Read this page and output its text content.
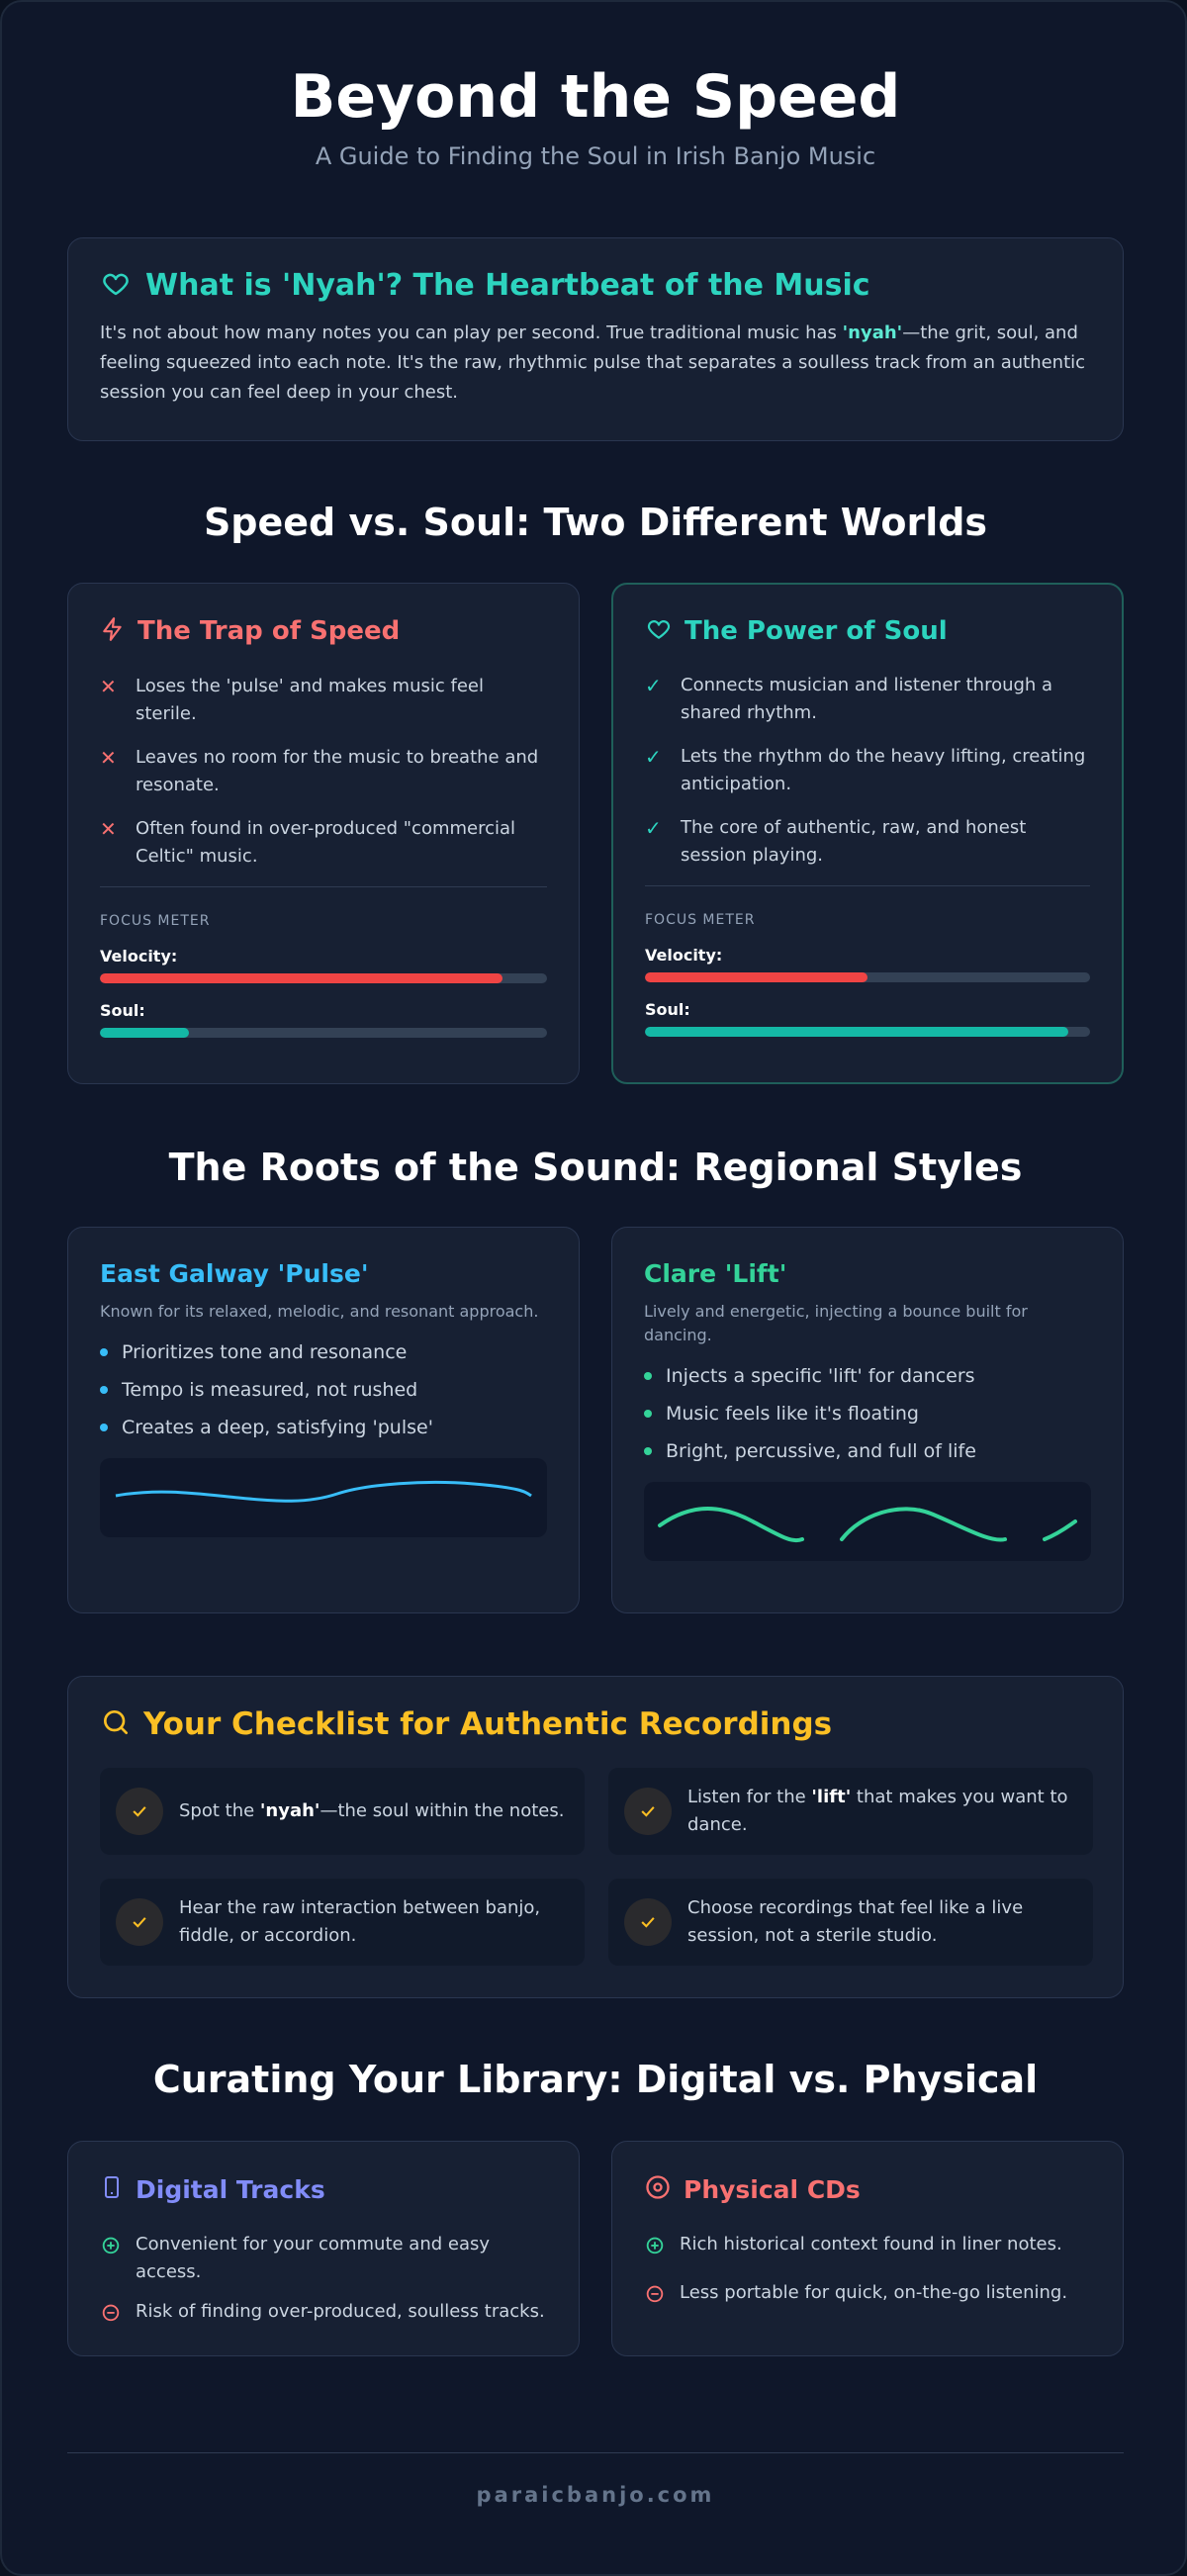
Beyond the Speed
A Guide to Finding the Soul in Irish Banjo Music
What is 'Nyah'? The Heartbeat of the Music

It's not about how many notes you can play per second. True traditional music has 'nyah'—the grit, soul, and feeling squeezed into each note. It's the raw, rhythmic pulse that separates a soulless track from an authentic session you can feel deep in your chest.

Speed vs. Soul: Two Different Worlds
The Trap of Speed
✕ Loses the 'pulse' and makes music feel sterile.
✕ Leaves no room for the music to breathe and resonate.
✕ Often found in over-produced "commercial Celtic" music.
FOCUS METER
Velocity:
Soul:
The Power of Soul
✓ Connects musician and listener through a shared rhythm.
✓ Lets the rhythm do the heavy lifting, creating anticipation.
✓ The core of authentic, raw, and honest session playing.
FOCUS METER
Velocity:
Soul:
The Roots of the Sound: Regional Styles
East Galway 'Pulse'
Known for its relaxed, melodic, and resonant approach.
Prioritizes tone and resonance
Tempo is measured, not rushed
Creates a deep, satisfying 'pulse'
Clare 'Lift'
Lively and energetic, injecting a bounce built for dancing.
Injects a specific 'lift' for dancers
Music feels like it's floating
Bright, percussive, and full of life
Your Checklist for Authentic Recordings
Spot the 'nyah'—the soul within the notes.
Listen for the 'lift' that makes you want to dance.
Hear the raw interaction between banjo, fiddle, or accordion.
Choose recordings that feel like a live session, not a sterile studio.
Curating Your Library: Digital vs. Physical
Digital Tracks
Convenient for your commute and easy access.
Risk of finding over-produced, soulless tracks.
Physical CDs
Rich historical context found in liner notes.
Less portable for quick, on-the-go listening.
paraicbanjo.com
